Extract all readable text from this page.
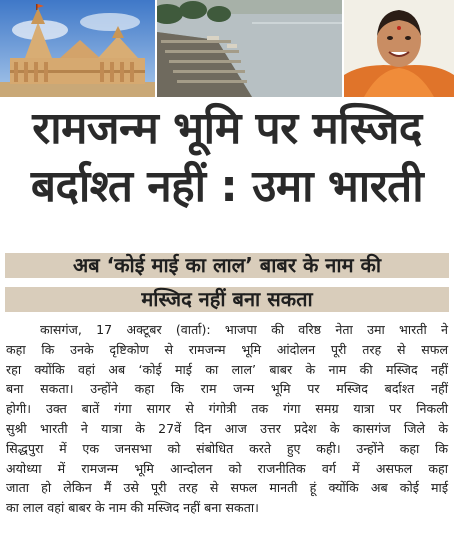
रामजन्म भूमि पर मस्जिद
बर्दाश्त नहीं : उमा भारती
अब ‘कोई माई का लाल’ बाबर के नाम की
मस्जिद नहीं बना सकता
कासगंज, 17 अक्टूबर (वार्ता): भाजपा की वरिष्ठ नेता उमा भारती ने
कहा कि उनके दृष्टिकोण से रामजन्म भूमि आंदोलन पूरी तरह से सफल
रहा क्योंकि वहां अब ‘कोई माई का लाल’ बाबर के नाम की मस्जिद नहीं
बना सकता। उन्होंने कहा कि राम जन्म भूमि पर मस्जिद बर्दाश्त नहीं
होगी। उक्त बातें गंगा सागर से गंगोत्री तक गंगा समग्र यात्रा पर निकली
सुश्री भारती ने यात्रा के 27वें दिन आज उत्तर प्रदेश के कासगंज जिले के
सिद्धपुरा में एक जनसभा को संबोधित करते हुए कही। उन्होंने कहा कि
अयोध्या में रामजन्म भूमि आन्दोलन को राजनीतिक वर्ग में असफल कहा
जाता हो लेकिन मैं उसे पूरी तरह से सफल मानती हूं क्योंकि अब कोई माई
का लाल वहां बाबर के नाम की मस्जिद नहीं बना सकता।
